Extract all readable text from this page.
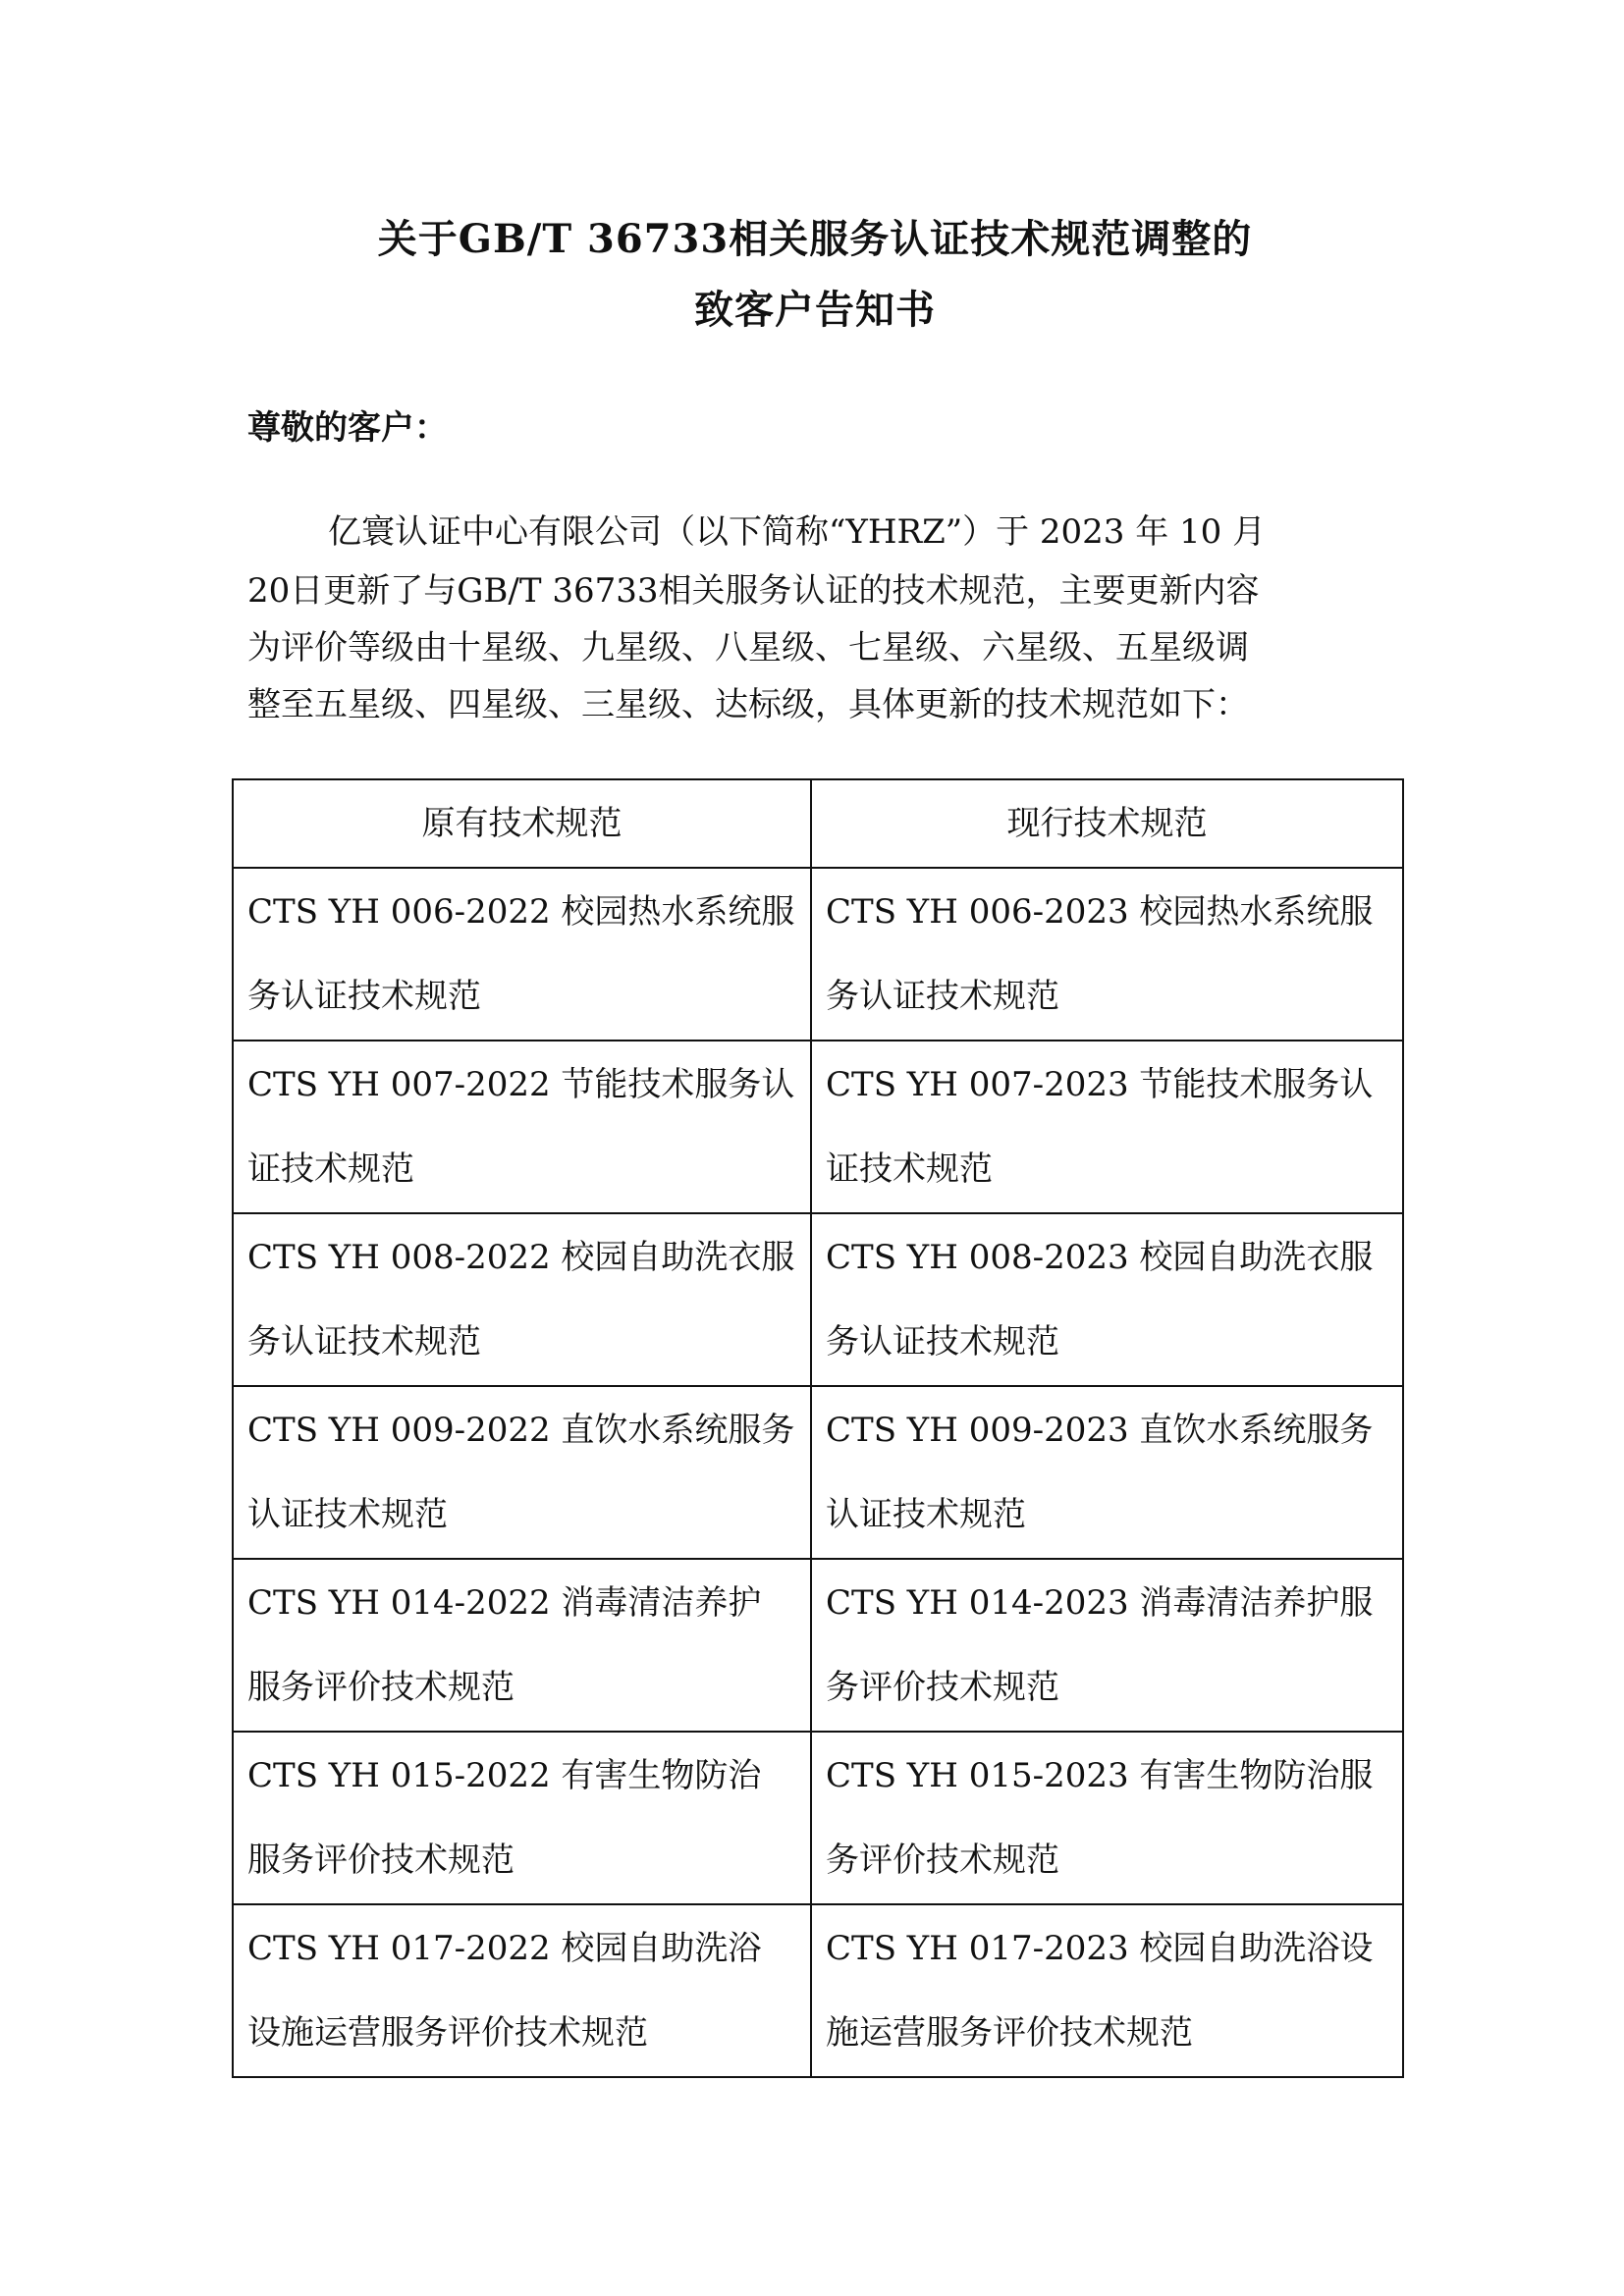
关于GB/T 36733相关服务认证技术规范调整的
致客户告知书
尊敬的客户：
亿寰认证中心有限公司（以下简称“YHRZ”）于 2023 年 10 月
20日更新了与GB/T 36733相关服务认证的技术规范，主要更新内容
为评价等级由十星级、九星级、八星级、七星级、六星级、五星级调
整至五星级、四星级、三星级、达标级，具体更新的技术规范如下：
原有技术规范	现行技术规范

CTS YH 006-2022 校园热水系统服
务认证技术规范	CTS YH 006-2023 校园热水系统服
务认证技术规范

CTS YH 007-2022 节能技术服务认
证技术规范	CTS YH 007-2023 节能技术服务认
证技术规范

CTS YH 008-2022 校园自助洗衣服
务认证技术规范	CTS YH 008-2023 校园自助洗衣服
务认证技术规范

CTS YH 009-2022 直饮水系统服务
认证技术规范	CTS YH 009-2023 直饮水系统服务
认证技术规范

CTS YH 014-2022 消毒清洁养护
服务评价技术规范	CTS YH 014-2023 消毒清洁养护服
务评价技术规范

CTS YH 015-2022 有害生物防治
服务评价技术规范	CTS YH 015-2023 有害生物防治服
务评价技术规范

CTS YH 017-2022 校园自助洗浴
设施运营服务评价技术规范	CTS YH 017-2023 校园自助洗浴设
施运营服务评价技术规范
